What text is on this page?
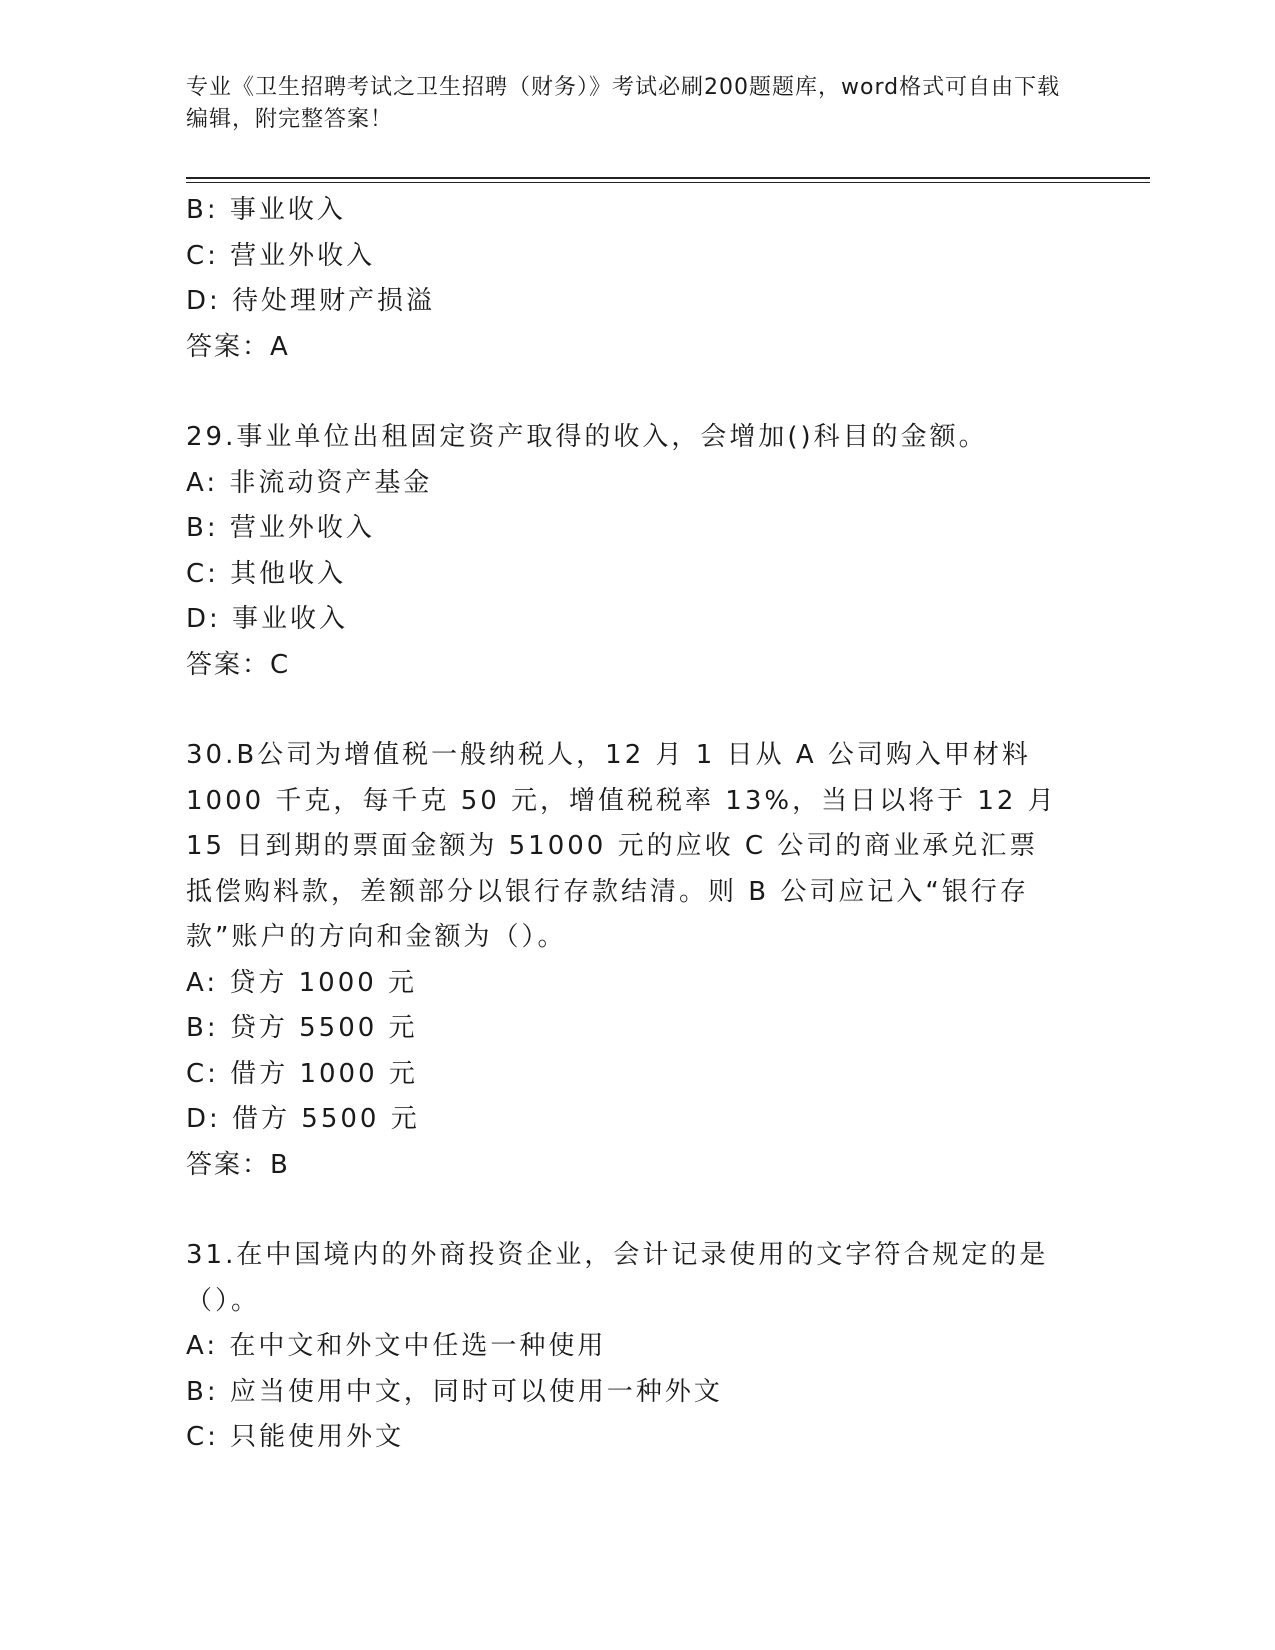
专业《卫生招聘考试之卫生招聘（财务）》考试必刷200题题库，word格式可自由下载编辑，附完整答案！
B: 事业收入
C: 营业外收入
D: 待处理财产损溢
答案：A
29.事业单位出租固定资产取得的收入，会增加()科目的金额。
A: 非流动资产基金
B: 营业外收入
C: 其他收入
D: 事业收入
答案：C
30.B公司为增值税一般纳税人，12 月 1 日从 A 公司购入甲材料 1000 千克，每千克 50 元，增值税税率 13%，当日以将于 12 月 15 日到期的票面金额为 51000 元的应收 C 公司的商业承兑汇票抵偿购料款，差额部分以银行存款结清。则 B 公司应记入“银行存款”账户的方向和金额为（）。
A: 贷方 1000 元
B: 贷方 5500 元
C: 借方 1000 元
D: 借方 5500 元
答案：B
31.在中国境内的外商投资企业，会计记录使用的文字符合规定的是（）。
A: 在中文和外文中任选一种使用
B: 应当使用中文，同时可以使用一种外文
C: 只能使用外文
